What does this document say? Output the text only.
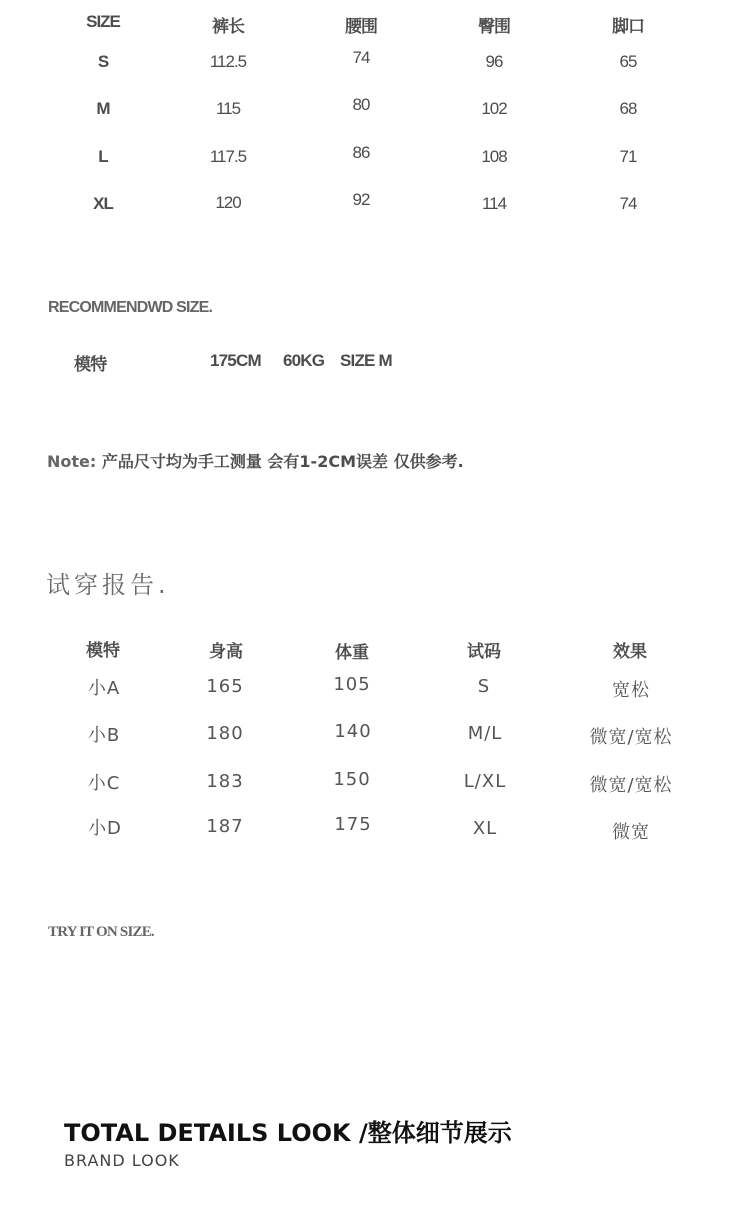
SIZE	裤长	腰围	臀围	脚口
S	112.5	74	96	65
M	115	80	102	68
L	117.5	86	108	71
XL	120	92	114	74
RECOMMENDWD SIZE.
模特	175CM 60KG SIZE M
Note: 产品尺寸均为手工测量 会有1-2CM误差 仅供参考.
试穿报告.
模特	身高	体重	试码	效果
小A	165	105	S	宽松
小B	180	140	M/L	微宽/宽松
小C	183	150	L/XL	微宽/宽松
小D	187	175	XL	微宽
TRY IT ON SIZE.
TOTAL DETAILS LOOK /整体细节展示
BRAND LOOK
